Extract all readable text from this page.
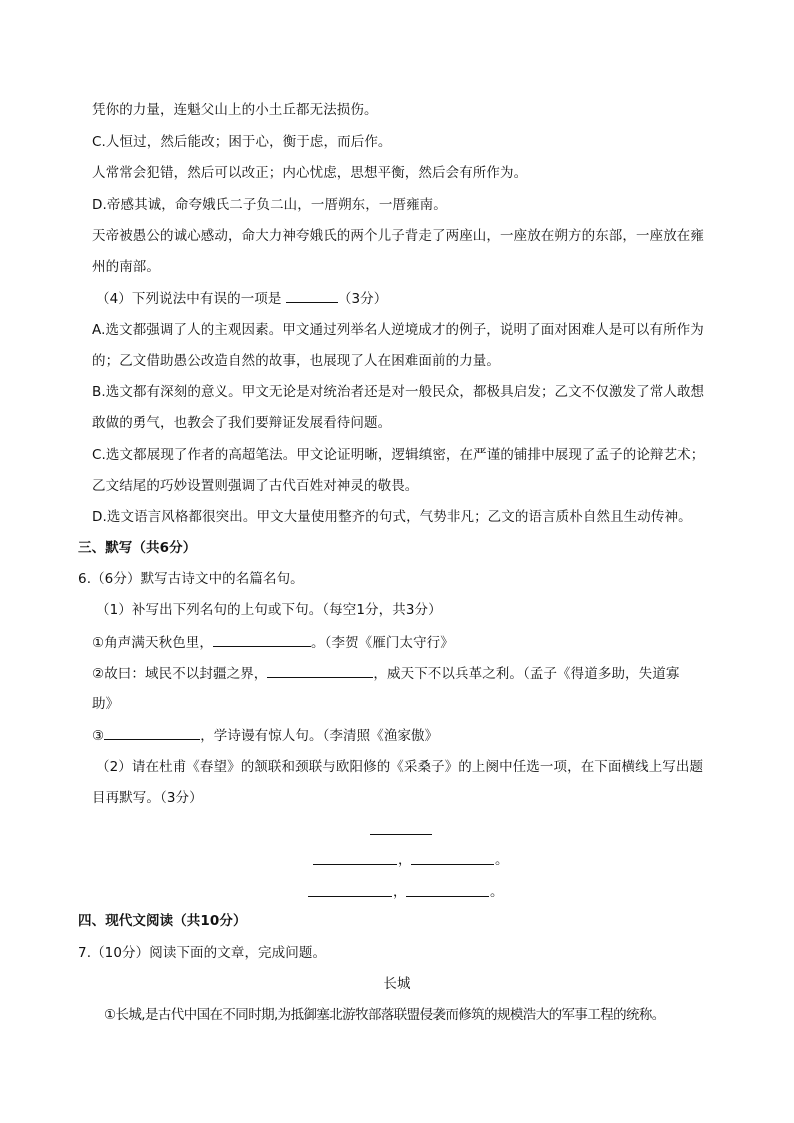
凭你的力量，连魁父山上的小土丘都无法损伤。
C.人恒过，然后能改；困于心，衡于虑，而后作。
人常常会犯错，然后可以改正；内心忧虑，思想平衡，然后会有所作为。
D.帝感其诚，命夸娥氏二子负二山，一厝朔东，一厝雍南。
天帝被愚公的诚心感动，命大力神夸娥氏的两个儿子背走了两座山，一座放在朔方的东部，一座放在雍
州的南部。
（4）下列说法中有误的一项是	（3分）
A.选文都强调了人的主观因素。甲文通过列举名人逆境成才的例子，说明了面对困难人是可以有所作为
的；乙文借助愚公改造自然的故事，也展现了人在困难面前的力量。
B.选文都有深刻的意义。甲文无论是对统治者还是对一般民众，都极具启发；乙文不仅激发了常人敢想
敢做的勇气，也教会了我们要辩证发展看待问题。
C.选文都展现了作者的高超笔法。甲文论证明晰，逻辑缜密，在严谨的铺排中展现了孟子的论辩艺术；
乙文结尾的巧妙设置则强调了古代百姓对神灵的敬畏。
D.选文语言风格都很突出。甲文大量使用整齐的句式，气势非凡；乙文的语言质朴自然且生动传神。
三、默写（共6分）
6.（6分）默写古诗文中的名篇名句。
（1）补写出下列名句的上句或下句。（每空1分，共3分）
①角声满天秋色里，	。（李贺《雁门太守行》
②故曰：域民不以封疆之界，	，威天下不以兵革之利。（孟子《得道多助，失道寡
助》
③	，学诗谩有惊人句。（李清照《渔家傲》
（2）请在杜甫《春望》的颔联和颈联与欧阳修的《采桑子》的上阕中任选一项，在下面横线上写出题
目再默写。（3分）
，	。
，	。
四、现代文阅读（共10分）
7.（10分）阅读下面的文章，完成问题。
长城
①长城,是古代中国在不同时期,为抵御塞北游牧部落联盟侵袭而修筑的规模浩大的军事工程的统称。
